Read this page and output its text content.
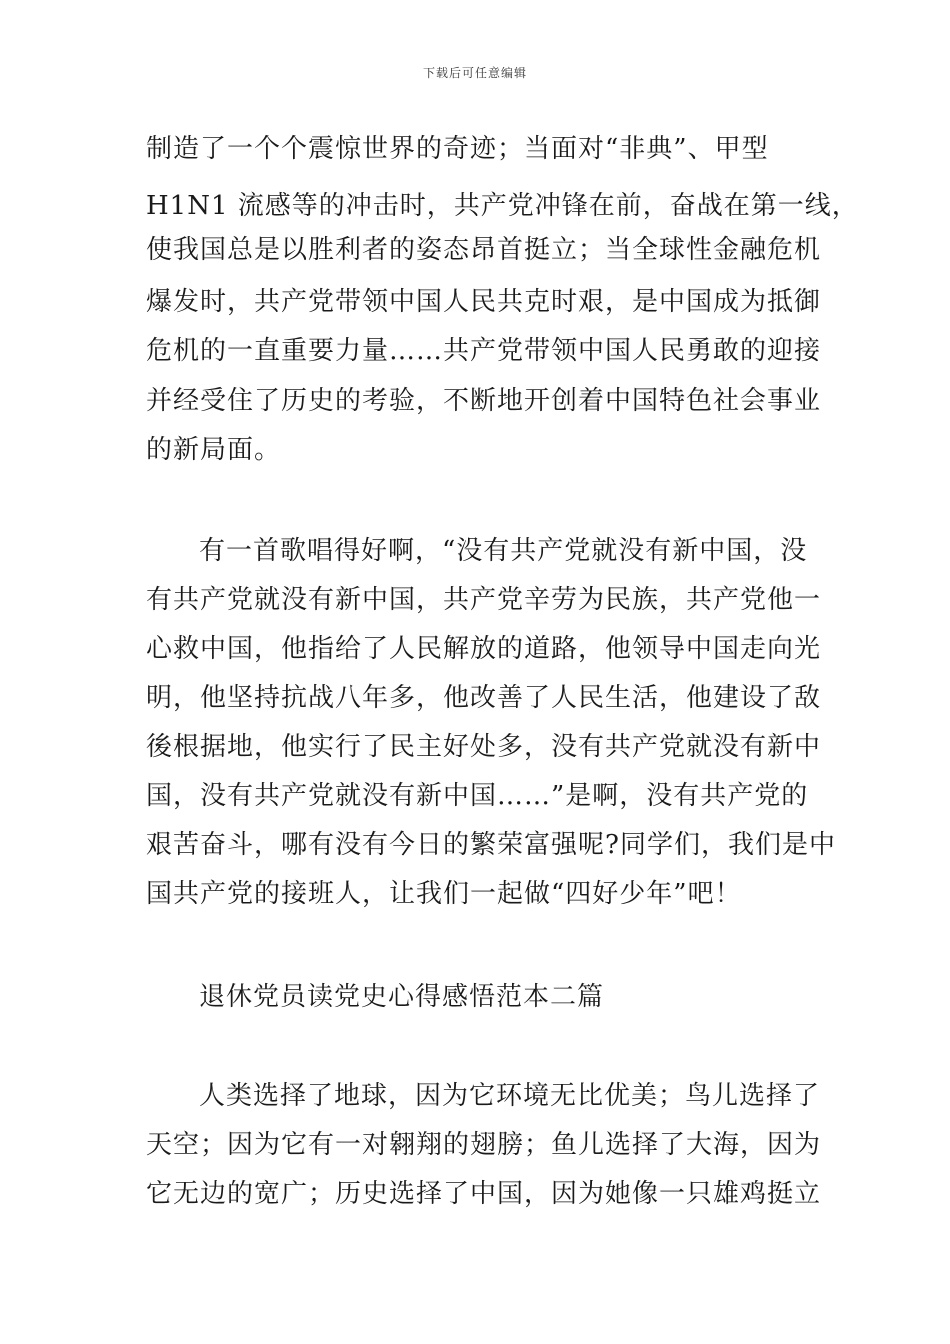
下载后可任意编辑
制造了一个个震惊世界的奇迹；当面对“非典”、甲型
H1N1 流感等的冲击时，共产党冲锋在前，奋战在第一线，
使我国总是以胜利者的姿态昂首挺立；当全球性金融危机
爆发时，共产党带领中国人民共克时艰，是中国成为抵御
危机的一直重要力量……共产党带领中国人民勇敢的迎接
并经受住了历史的考验，不断地开创着中国特色社会事业
的新局面。
有一首歌唱得好啊，“没有共产党就没有新中国，没
有共产党就没有新中国，共产党辛劳为民族，共产党他一
心救中国，他指给了人民解放的道路，他领导中国走向光
明，他坚持抗战八年多，他改善了人民生活，他建设了敌
後根据地，他实行了民主好处多，没有共产党就没有新中
国，没有共产党就没有新中国……”是啊，没有共产党的
艰苦奋斗，哪有没有今日的繁荣富强呢?同学们，我们是中
国共产党的接班人，让我们一起做“四好少年”吧！
退休党员读党史心得感悟范本二篇
人类选择了地球，因为它环境无比优美；鸟儿选择了
天空；因为它有一对翱翔的翅膀；鱼儿选择了大海，因为
它无边的宽广；历史选择了中国，因为她像一只雄鸡挺立
